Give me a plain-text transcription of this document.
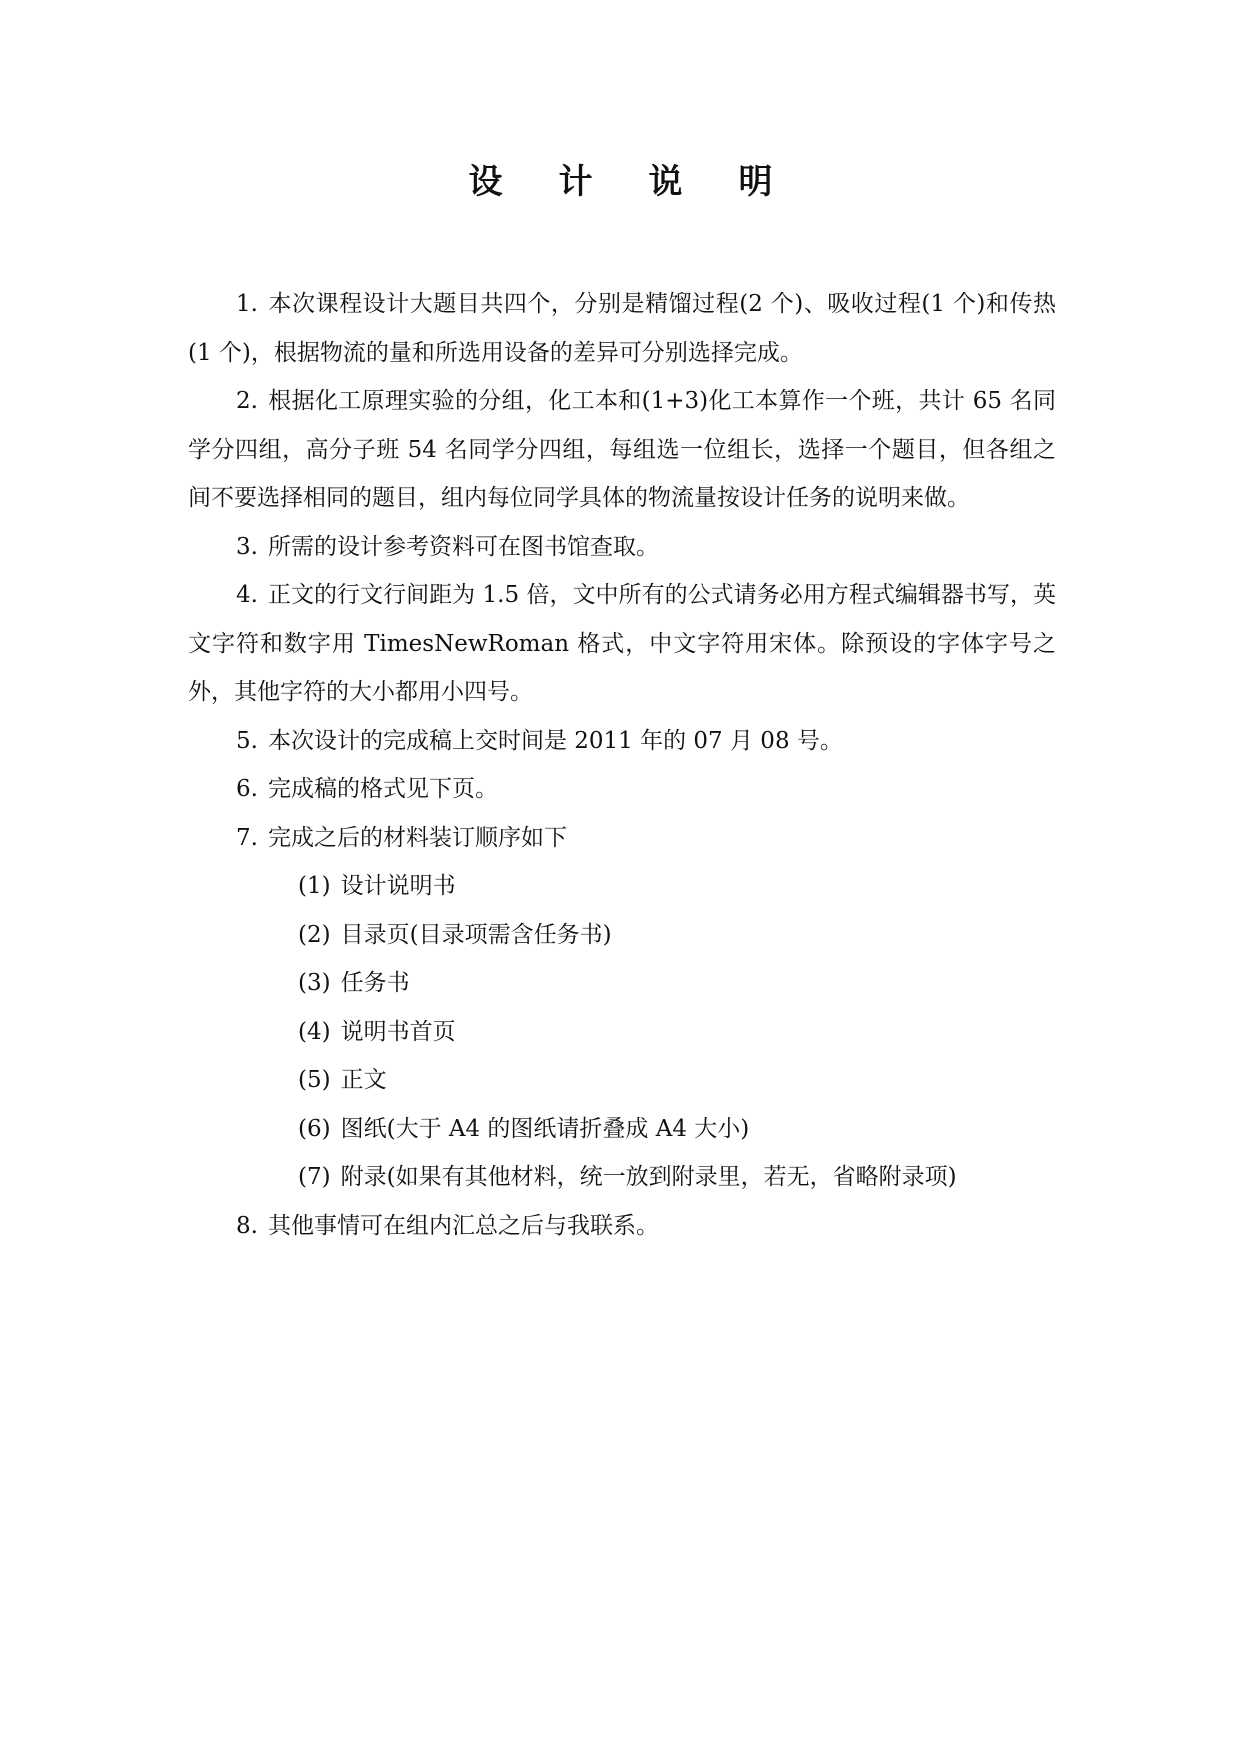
设计说明

1. 本次课程设计大题目共四个，分别是精馏过程(2 个)、吸收过程(1 个)和传热(1 个)，根据物流的量和所选用设备的差异可分别选择完成。

2. 根据化工原理实验的分组，化工本和(1+3)化工本算作一个班，共计 65 名同学分四组，高分子班 54 名同学分四组，每组选一位组长，选择一个题目，但各组之间不要选择相同的题目，组内每位同学具体的物流量按设计任务的说明来做。

3. 所需的设计参考资料可在图书馆查取。

4. 正文的行文行间距为 1.5 倍，文中所有的公式请务必用方程式编辑器书写，英文字符和数字用 TimesNewRoman 格式，中文字符用宋体。除预设的字体字号之外，其他字符的大小都用小四号。

5. 本次设计的完成稿上交时间是 2011 年的 07 月 08 号。

6. 完成稿的格式见下页。

7. 完成之后的材料装订顺序如下

(1) 设计说明书

(2) 目录页(目录项需含任务书)

(3) 任务书

(4) 说明书首页

(5) 正文

(6) 图纸(大于 A4 的图纸请折叠成 A4 大小)

(7) 附录(如果有其他材料，统一放到附录里，若无，省略附录项)

8. 其他事情可在组内汇总之后与我联系。
